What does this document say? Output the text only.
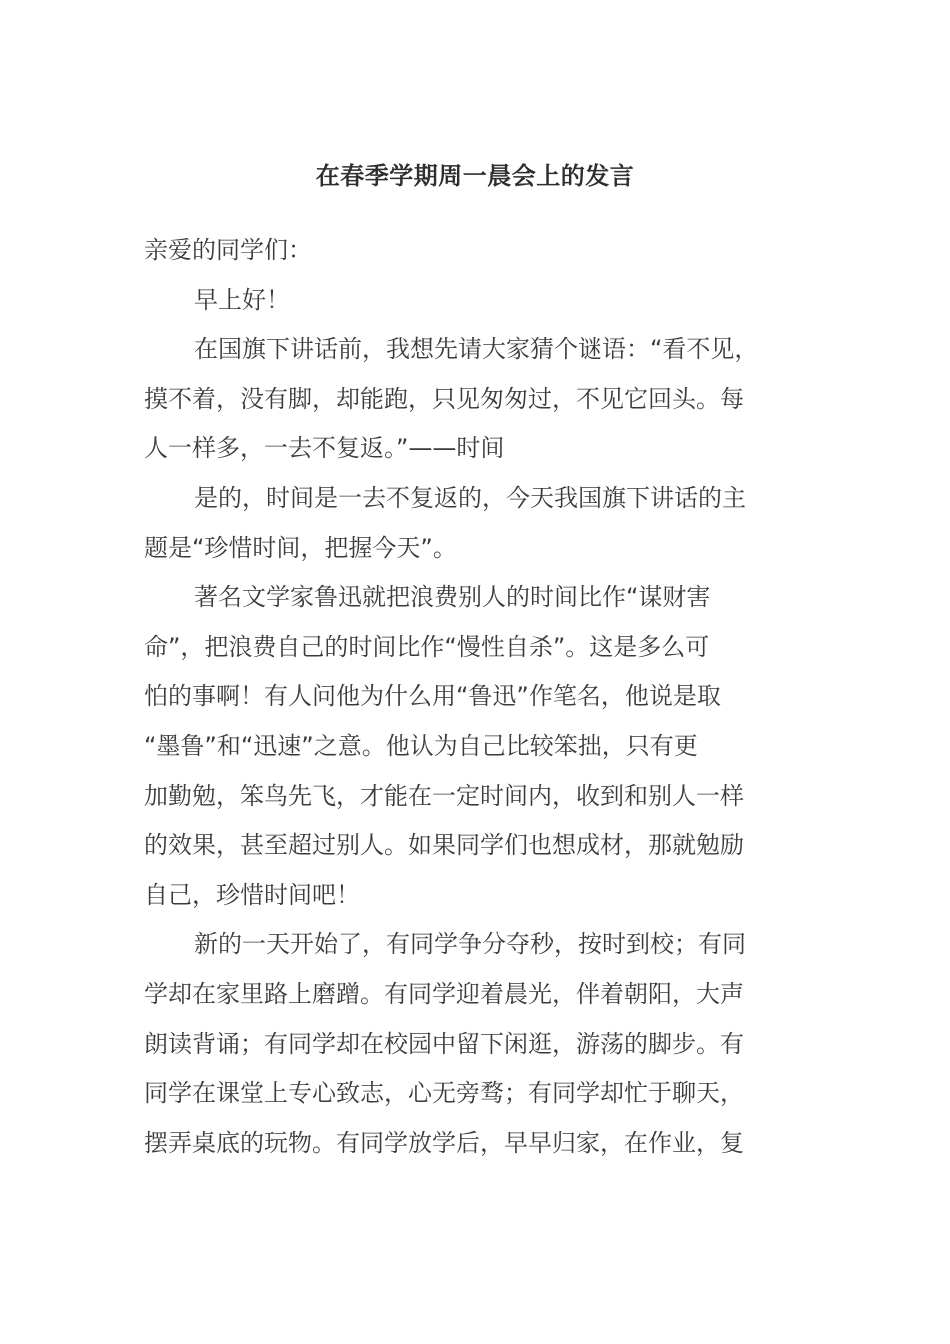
在春季学期周一晨会上的发言
亲爱的同学们：
早上好！
在国旗下讲话前，我想先请大家猜个谜语：“看不见，
摸不着，没有脚，却能跑，只见匆匆过，不见它回头。每
人一样多，一去不复返。”——时间
是的，时间是一去不复返的，今天我国旗下讲话的主
题是“珍惜时间，把握今天”。
著名文学家鲁迅就把浪费别人的时间比作“谋财害
命”，把浪费自己的时间比作“慢性自杀”。这是多么可
怕的事啊！有人问他为什么用“鲁迅”作笔名，他说是取
“墨鲁”和“迅速”之意。他认为自己比较笨拙，只有更
加勤勉，笨鸟先飞，才能在一定时间内，收到和别人一样
的效果，甚至超过别人。如果同学们也想成材，那就勉励
自己，珍惜时间吧！
新的一天开始了，有同学争分夺秒，按时到校；有同
学却在家里路上磨蹭。有同学迎着晨光，伴着朝阳，大声
朗读背诵；有同学却在校园中留下闲逛，游荡的脚步。有
同学在课堂上专心致志，心无旁骛；有同学却忙于聊天，
摆弄桌底的玩物。有同学放学后，早早归家，在作业，复
